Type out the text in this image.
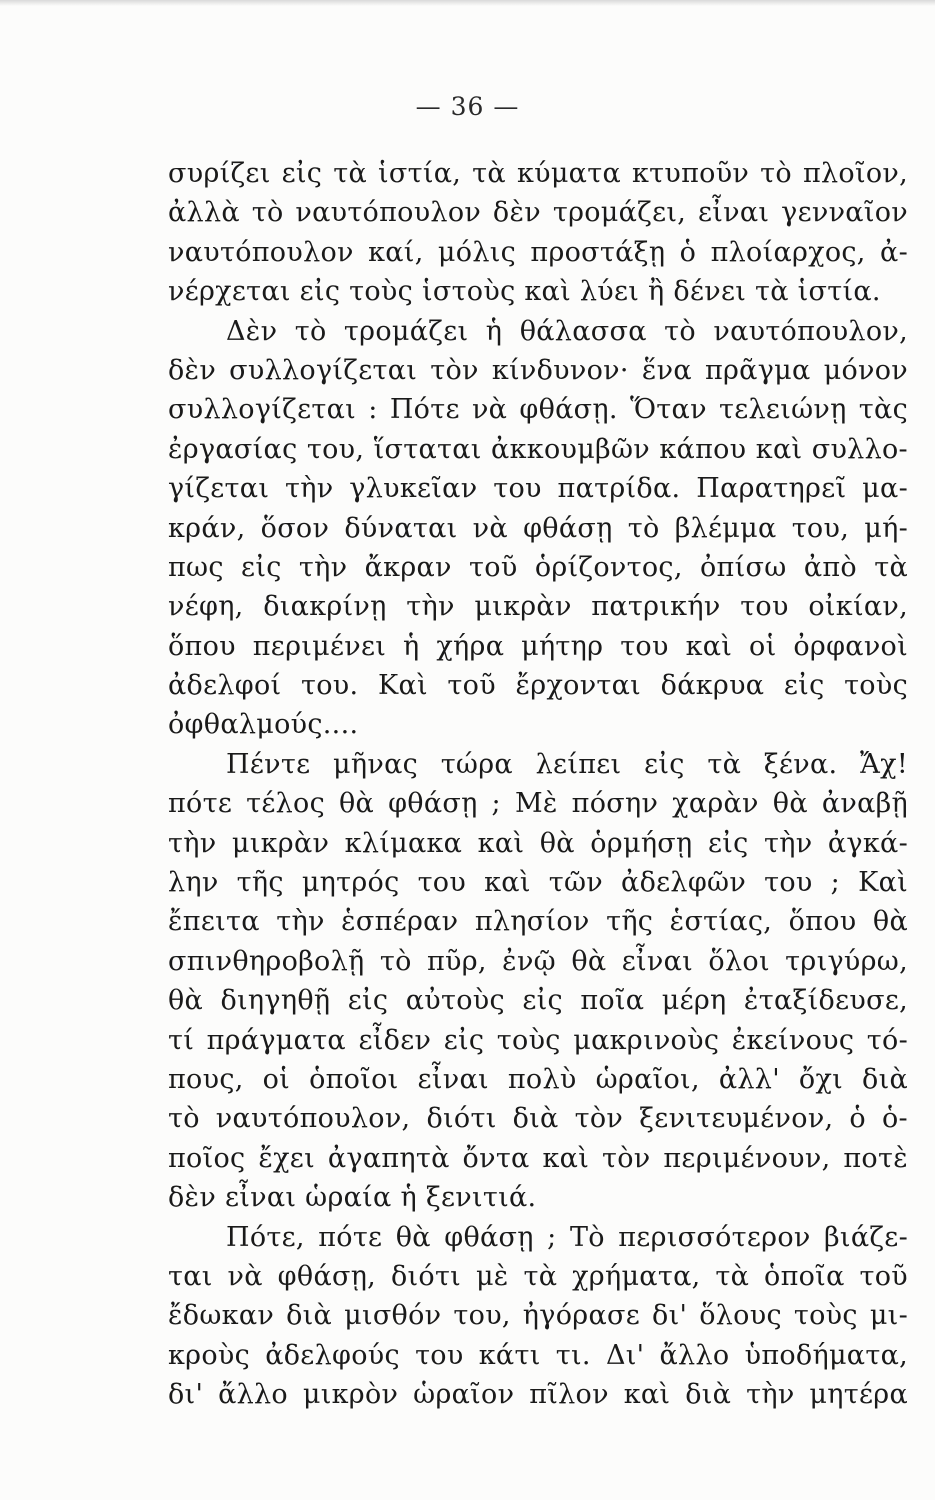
— 36 —
συρίζει εἰς τὰ ἱστία, τὰ κύματα κτυποῦν τὸ πλοῖον,
ἀλλὰ τὸ ναυτόπουλον δὲν τρομάζει, εἶναι γενναῖον
ναυτόπουλον καί, μόλις προστάξῃ ὁ πλοίαρχος, ἀ-
νέρχεται εἰς τοὺς ἱστοὺς καὶ λύει ἢ δένει τὰ ἱστία.
Δὲν τὸ τρομάζει ἡ θάλασσα τὸ ναυτόπουλον,
δὲν συλλογίζεται τὸν κίνδυνον· ἕνα πρᾶγμα μόνον
συλλογίζεται : Πότε νὰ φθάσῃ. Ὅταν τελειώνῃ τὰς
ἐργασίας του, ἵσταται ἀκκουμβῶν κάπου καὶ συλλο-
γίζεται τὴν γλυκεῖαν του πατρίδα. Παρατηρεῖ μα-
κράν, ὅσον δύναται νὰ φθάσῃ τὸ βλέμμα του, μή-
πως εἰς τὴν ἄκραν τοῦ ὁρίζοντος, ὀπίσω ἀπὸ τὰ
νέφη, διακρίνῃ τὴν μικρὰν πατρικήν του οἰκίαν,
ὅπου περιμένει ἡ χήρα μήτηρ του καὶ οἱ ὀρφανοὶ
ἀδελφοί του. Καὶ τοῦ ἔρχονται δάκρυα εἰς τοὺς
ὀφθαλμούς....
Πέντε μῆνας τώρα λείπει εἰς τὰ ξένα. Ἄχ!
πότε τέλος θὰ φθάσῃ ; Μὲ πόσην χαρὰν θὰ ἀναβῇ
τὴν μικρὰν κλίμακα καὶ θὰ ὁρμήσῃ εἰς τὴν ἀγκά-
λην τῆς μητρός του καὶ τῶν ἀδελφῶν του ; Καὶ
ἔπειτα τὴν ἑσπέραν πλησίον τῆς ἑστίας, ὅπου θὰ
σπινθηροβολῇ τὸ πῦρ, ἐνῷ θὰ εἶναι ὅλοι τριγύρω,
θὰ διηγηθῇ εἰς αὐτοὺς εἰς ποῖα μέρη ἐταξίδευσε,
τί πράγματα εἶδεν εἰς τοὺς μακρινοὺς ἐκείνους τό-
πους, οἱ ὁποῖοι εἶναι πολὺ ὡραῖοι, ἀλλ' ὄχι διὰ
τὸ ναυτόπουλον, διότι διὰ τὸν ξενιτευμένον, ὁ ὁ-
ποῖος ἔχει ἀγαπητὰ ὄντα καὶ τὸν περιμένουν, ποτὲ
δὲν εἶναι ὡραία ἡ ξενιτιά.
Πότε, πότε θὰ φθάσῃ ; Τὸ περισσότερον βιάζε-
ται νὰ φθάσῃ, διότι μὲ τὰ χρήματα, τὰ ὁποῖα τοῦ
ἔδωκαν διὰ μισθόν του, ἠγόρασε δι' ὅλους τοὺς μι-
κροὺς ἀδελφούς του κάτι τι. Δι' ἄλλο ὑποδήματα,
δι' ἄλλο μικρὸν ὡραῖον πῖλον καὶ διὰ τὴν μητέρα
